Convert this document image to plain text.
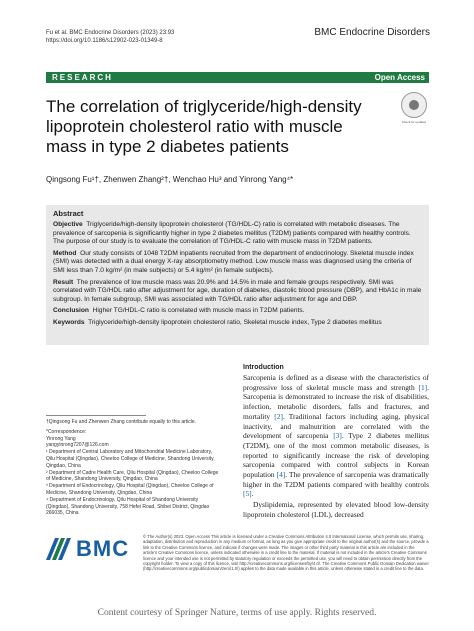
Fu et al. BMC Endocrine Disorders (2023) 23:93
https://doi.org/10.1186/s12902-023-01349-8
BMC Endocrine Disorders
RESEARCH	Open Access
The correlation of triglyceride/high-density lipoprotein cholesterol ratio with muscle mass in type 2 diabetes patients
Check for updates
Qingsong Fu¹†, Zhenwen Zhang²†, Wenchao Hu³ and Yinrong Yang⁴*
Abstract

Objective Triglyceride/high-density lipoprotein cholesterol (TG/HDL-C) ratio is correlated with metabolic diseases. The prevalence of sarcopenia is significantly higher in type 2 diabetes mellitus (T2DM) patients compared with healthy controls. The purpose of our study is to evaluate the correlation of TG/HDL-C ratio with muscle mass in T2DM patients.

Method Our study consists of 1048 T2DM inpatients recruited from the department of endocrinology. Skeletal muscle index (SMI) was detected with a dual energy X-ray absorptiometry method. Low muscle mass was diagnosed using the criteria of SMI less than 7.0 kg/m² (in male subjects) or 5.4 kg/m² (in female subjects).

Result The prevalence of low muscle mass was 20.9% and 14.5% in male and female groups respectively. SMI was correlated with TG/HDL ratio after adjustment for age, duration of diabetes, diastolic blood pressure (DBP), and HbA1c in male subgroup. In female subgroup, SMI was associated with TG/HDL ratio after adjustment for age and DBP.

Conclusion Higher TG/HDL-C ratio is correlated with muscle mass in T2DM patients.

Keywords Triglyceride/high-density lipoprotein cholesterol ratio, Skeletal muscle index, Type 2 diabetes mellitus

†Qingsong Fu and Zhenwen Zhang contribute equally to this article.
*Correspondence:
Yinrong Yang
yangyinrong7207@126.com
¹ Department of Central Laboratory and Mitochondrial Medicine Laboratory, Qilu Hospital (Qingdao), Cheeloo College of Medicine, Shandong University, Qingdao, China
² Department of Cadre Health Care, Qilu Hospital (Qingdao), Cheeloo College of Medicine, Shandong University, Qingdao, China
³ Department of Endocrinology, Qilu Hospital (Qingdao), Cheeloo College of Medicine, Shandong University, Qingdao, China
⁴ Department of Endocrinology, Qilu Hospital of Shandong University (Qingdao), Shandong University, 758 Hefei Road, Shibei District, Qingdao 266035, China
Introduction

Sarcopenia is defined as a disease with the characteristics of progressive loss of skeletal muscle mass and strength [1]. Sarcopenia is demonstrated to increase the risk of disabilities, infection, metabolic disorders, falls and fractures, and mortality [2]. Traditional factors including aging, physical inactivity, and malnutrition are correlated with the development of sarcopenia [3]. Type 2 diabetes mellitus (T2DM), one of the most common metabolic diseases, is reported to significantly increase the risk of developing sarcopenia compared with control subjects in Korean population [4]. The prevalence of sarcopenia was dramatically higher in the T2DM patients compared with healthy controls [5].

Dyslipidemia, represented by elevated blood low-density lipoprotein cholesterol (LDL), decreased

BMC	© The Author(s) 2023. Open Access This article is licensed under a Creative Commons Attribution 4.0 International License, which permits use, sharing, adaptation, distribution and reproduction in any medium or format, as long as you give appropriate credit to the original author(s) and the source, provide a link to the Creative Commons licence, and indicate if changes were made. The images or other third party material in this article are included in the article's Creative Commons licence, unless indicated otherwise in a credit line to the material. If material is not included in the article's Creative Commons licence and your intended use is not permitted by statutory regulation or exceeds the permitted use, you will need to obtain permission directly from the copyright holder. To view a copy of this licence, visit http://creativecommons.org/licenses/by/4.0/. The Creative Commons Public Domain Dedication waiver (http://creativecommons.org/publicdomain/zero/1.0/) applies to the data made available in this article, unless otherwise stated in a credit line to the data.
Content courtesy of Springer Nature, terms of use apply. Rights reserved.
